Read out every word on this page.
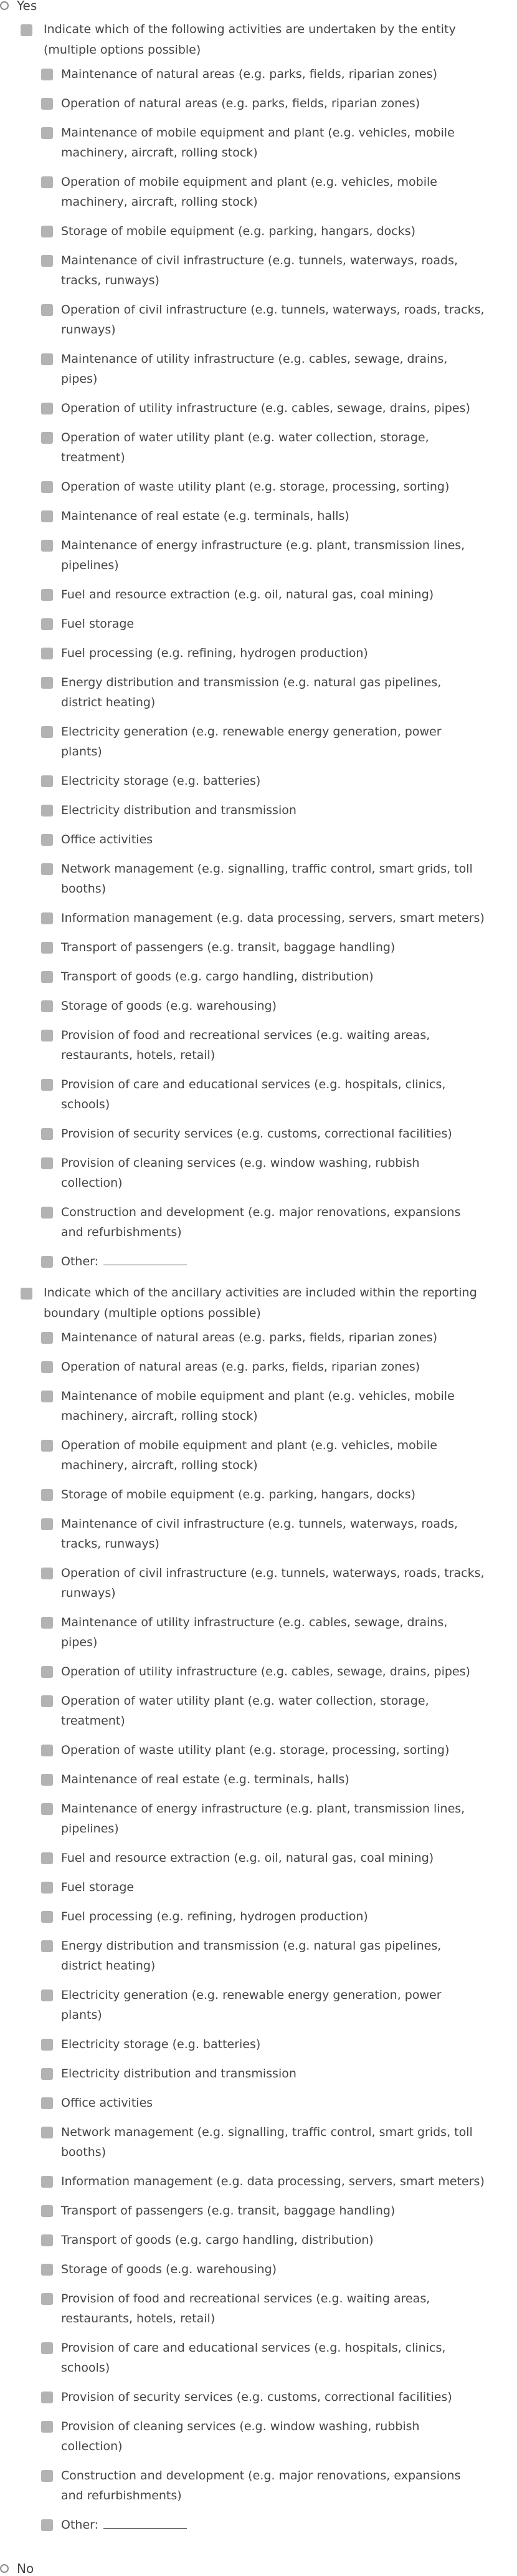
Yes
Indicate which of the following activities are undertaken by the entity (multiple options possible)
Maintenance of natural areas (e.g. parks, fields, riparian zones)
Operation of natural areas (e.g. parks, fields, riparian zones)
Maintenance of mobile equipment and plant (e.g. vehicles, mobile machinery, aircraft, rolling stock)
Operation of mobile equipment and plant (e.g. vehicles, mobile machinery, aircraft, rolling stock)
Storage of mobile equipment (e.g. parking, hangars, docks)
Maintenance of civil infrastructure (e.g. tunnels, waterways, roads, tracks, runways)
Operation of civil infrastructure (e.g. tunnels, waterways, roads, tracks, runways)
Maintenance of utility infrastructure (e.g. cables, sewage, drains, pipes)
Operation of utility infrastructure (e.g. cables, sewage, drains, pipes)
Operation of water utility plant (e.g. water collection, storage, treatment)
Operation of waste utility plant (e.g. storage, processing, sorting)
Maintenance of real estate (e.g. terminals, halls)
Maintenance of energy infrastructure (e.g. plant, transmission lines, pipelines)
Fuel and resource extraction (e.g. oil, natural gas, coal mining)
Fuel storage
Fuel processing (e.g. refining, hydrogen production)
Energy distribution and transmission (e.g. natural gas pipelines, district heating)
Electricity generation (e.g. renewable energy generation, power plants)
Electricity storage (e.g. batteries)
Electricity distribution and transmission
Office activities
Network management (e.g. signalling, traffic control, smart grids, toll booths)
Information management (e.g. data processing, servers, smart meters)
Transport of passengers (e.g. transit, baggage handling)
Transport of goods (e.g. cargo handling, distribution)
Storage of goods (e.g. warehousing)
Provision of food and recreational services (e.g. waiting areas, restaurants, hotels, retail)
Provision of care and educational services (e.g. hospitals, clinics, schools)
Provision of security services (e.g. customs, correctional facilities)
Provision of cleaning services (e.g. window washing, rubbish collection)
Construction and development (e.g. major renovations, expansions and refurbishments)
Other:
Indicate which of the ancillary activities are included within the reporting boundary (multiple options possible)
Maintenance of natural areas (e.g. parks, fields, riparian zones)
Operation of natural areas (e.g. parks, fields, riparian zones)
Maintenance of mobile equipment and plant (e.g. vehicles, mobile machinery, aircraft, rolling stock)
Operation of mobile equipment and plant (e.g. vehicles, mobile machinery, aircraft, rolling stock)
Storage of mobile equipment (e.g. parking, hangars, docks)
Maintenance of civil infrastructure (e.g. tunnels, waterways, roads, tracks, runways)
Operation of civil infrastructure (e.g. tunnels, waterways, roads, tracks, runways)
Maintenance of utility infrastructure (e.g. cables, sewage, drains, pipes)
Operation of utility infrastructure (e.g. cables, sewage, drains, pipes)
Operation of water utility plant (e.g. water collection, storage, treatment)
Operation of waste utility plant (e.g. storage, processing, sorting)
Maintenance of real estate (e.g. terminals, halls)
Maintenance of energy infrastructure (e.g. plant, transmission lines, pipelines)
Fuel and resource extraction (e.g. oil, natural gas, coal mining)
Fuel storage
Fuel processing (e.g. refining, hydrogen production)
Energy distribution and transmission (e.g. natural gas pipelines, district heating)
Electricity generation (e.g. renewable energy generation, power plants)
Electricity storage (e.g. batteries)
Electricity distribution and transmission
Office activities
Network management (e.g. signalling, traffic control, smart grids, toll booths)
Information management (e.g. data processing, servers, smart meters)
Transport of passengers (e.g. transit, baggage handling)
Transport of goods (e.g. cargo handling, distribution)
Storage of goods (e.g. warehousing)
Provision of food and recreational services (e.g. waiting areas, restaurants, hotels, retail)
Provision of care and educational services (e.g. hospitals, clinics, schools)
Provision of security services (e.g. customs, correctional facilities)
Provision of cleaning services (e.g. window washing, rubbish collection)
Construction and development (e.g. major renovations, expansions and refurbishments)
Other:
No
